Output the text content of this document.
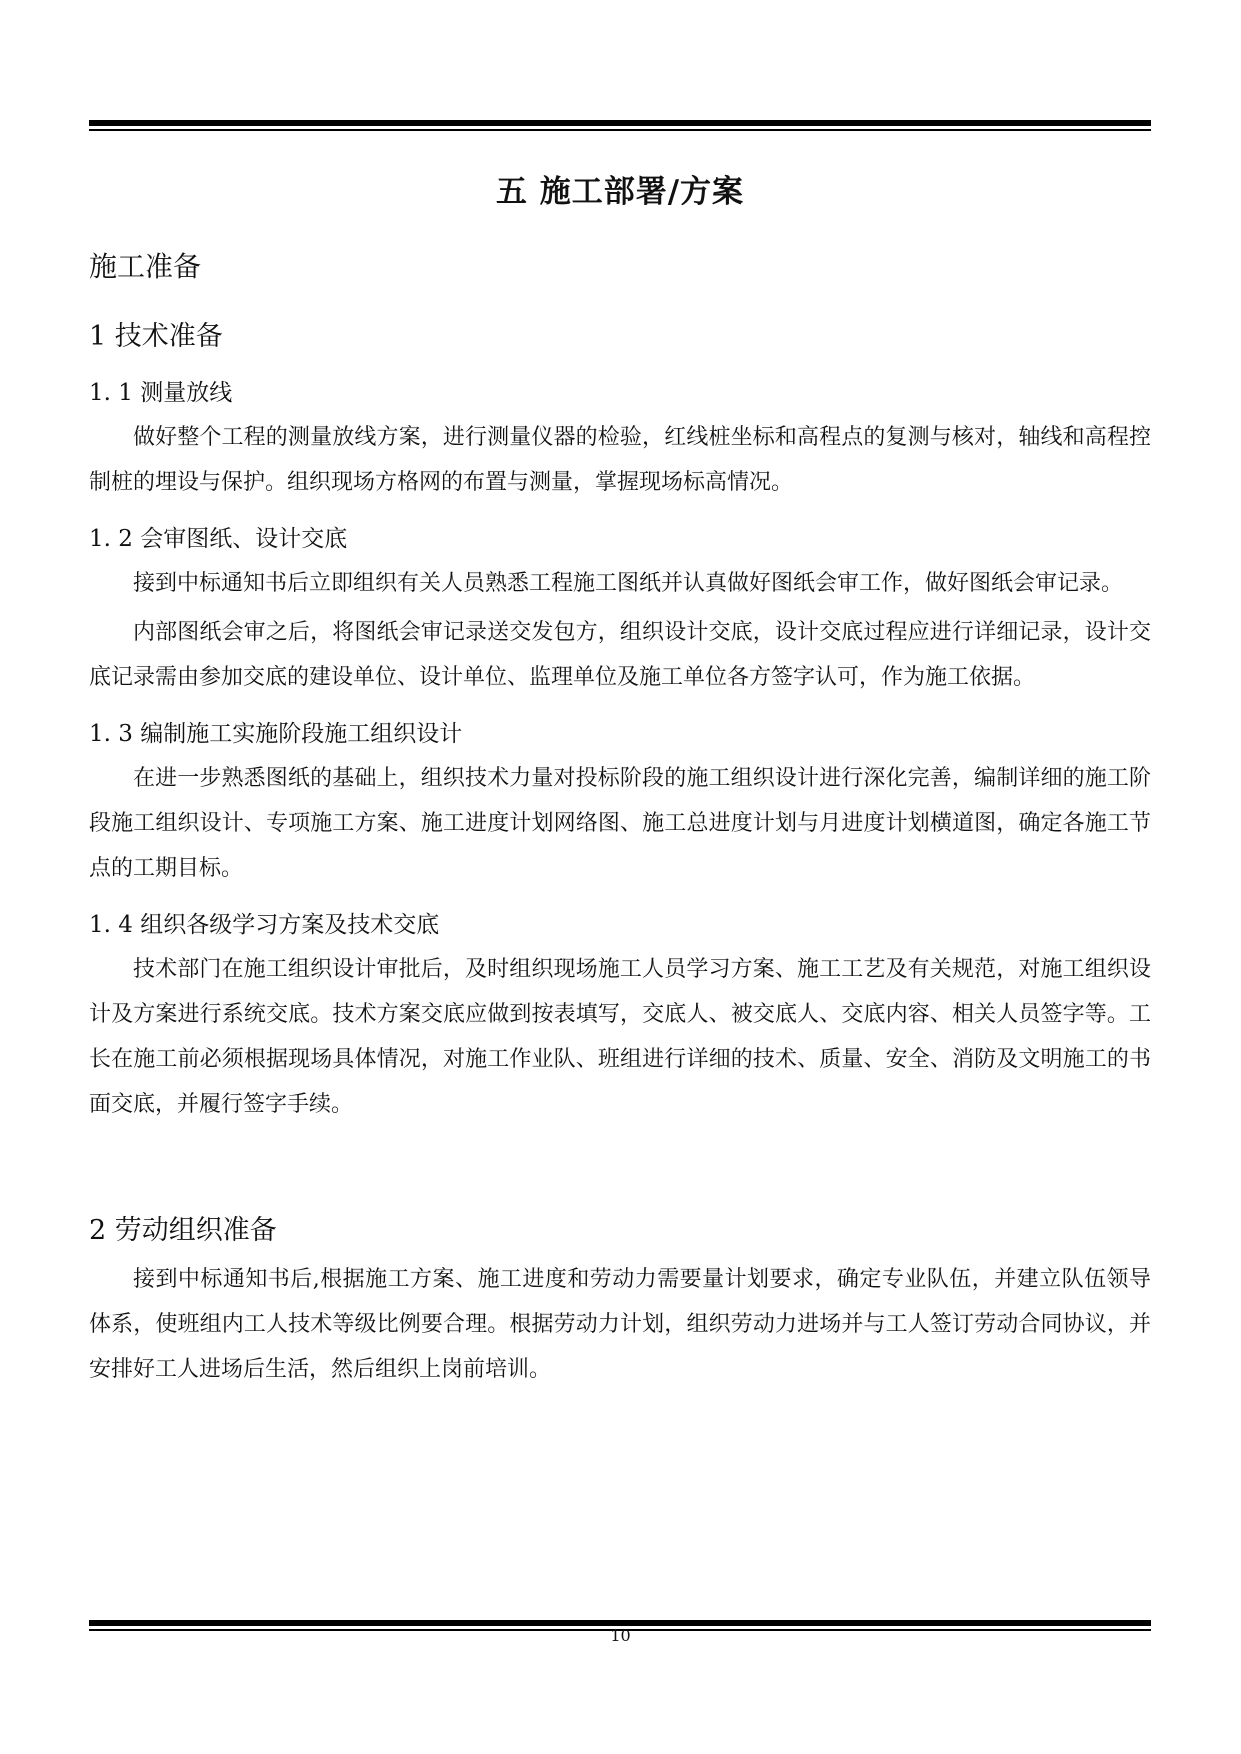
五 施工部署/方案
施工准备
1 技术准备
1. 1 测量放线

做好整个工程的测量放线方案，进行测量仪器的检验，红线桩坐标和高程点的复测与核对，轴线和高程控制桩的埋设与保护。组织现场方格网的布置与测量，掌握现场标高情况。

1. 2 会审图纸、设计交底

接到中标通知书后立即组织有关人员熟悉工程施工图纸并认真做好图纸会审工作，做好图纸会审记录。

内部图纸会审之后，将图纸会审记录送交发包方，组织设计交底，设计交底过程应进行详细记录，设计交底记录需由参加交底的建设单位、设计单位、监理单位及施工单位各方签字认可，作为施工依据。

1. 3 编制施工实施阶段施工组织设计

在进一步熟悉图纸的基础上，组织技术力量对投标阶段的施工组织设计进行深化完善，编制详细的施工阶段施工组织设计、专项施工方案、施工进度计划网络图、施工总进度计划与月进度计划横道图，确定各施工节点的工期目标。

1. 4 组织各级学习方案及技术交底

技术部门在施工组织设计审批后，及时组织现场施工人员学习方案、施工工艺及有关规范，对施工组织设计及方案进行系统交底。技术方案交底应做到按表填写，交底人、被交底人、交底内容、相关人员签字等。工长在施工前必须根据现场具体情况，对施工作业队、班组进行详细的技术、质量、安全、消防及文明施工的书面交底，并履行签字手续。

2 劳动组织准备

接到中标通知书后,根据施工方案、施工进度和劳动力需要量计划要求，确定专业队伍，并建立队伍领导体系，使班组内工人技术等级比例要合理。根据劳动力计划，组织劳动力进场并与工人签订劳动合同协议，并安排好工人进场后生活，然后组织上岗前培训。

10
